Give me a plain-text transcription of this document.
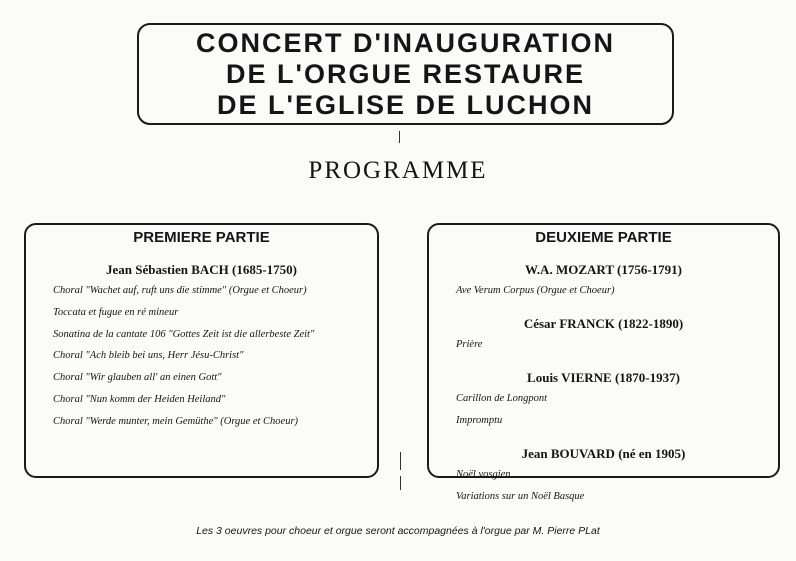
CONCERT D'INAUGURATION
DE L'ORGUE RESTAURE
DE L'EGLISE DE LUCHON
PROGRAMME
PREMIERE PARTIE
Jean Sébastien BACH (1685-1750)
Choral "Wachet auf, ruft uns die stimme" (Orgue et Choeur)
Toccata et fugue en ré mineur
Sonatina de la cantate 106 "Gottes Zeit ist die allerbeste Zeit"
Choral "Ach bleib bei uns, Herr Jésu-Christ"
Choral "Wir glauben all' an einen Gott"
Choral "Nun komm der Heiden Heiland"
Choral "Werde munter, mein Gemüthe" (Orgue et Choeur)
DEUXIEME PARTIE
W.A. MOZART (1756-1791)
Ave Verum Corpus (Orgue et Choeur)
César FRANCK (1822-1890)
Prière
Louis VIERNE (1870-1937)
Carillon de Longpont
Impromptu
Jean BOUVARD (né en 1905)
Noël vosgien
Variations sur un Noël Basque
Les 3 oeuvres pour choeur et orgue seront accompagnées à l'orgue par M. Pierre PLat
